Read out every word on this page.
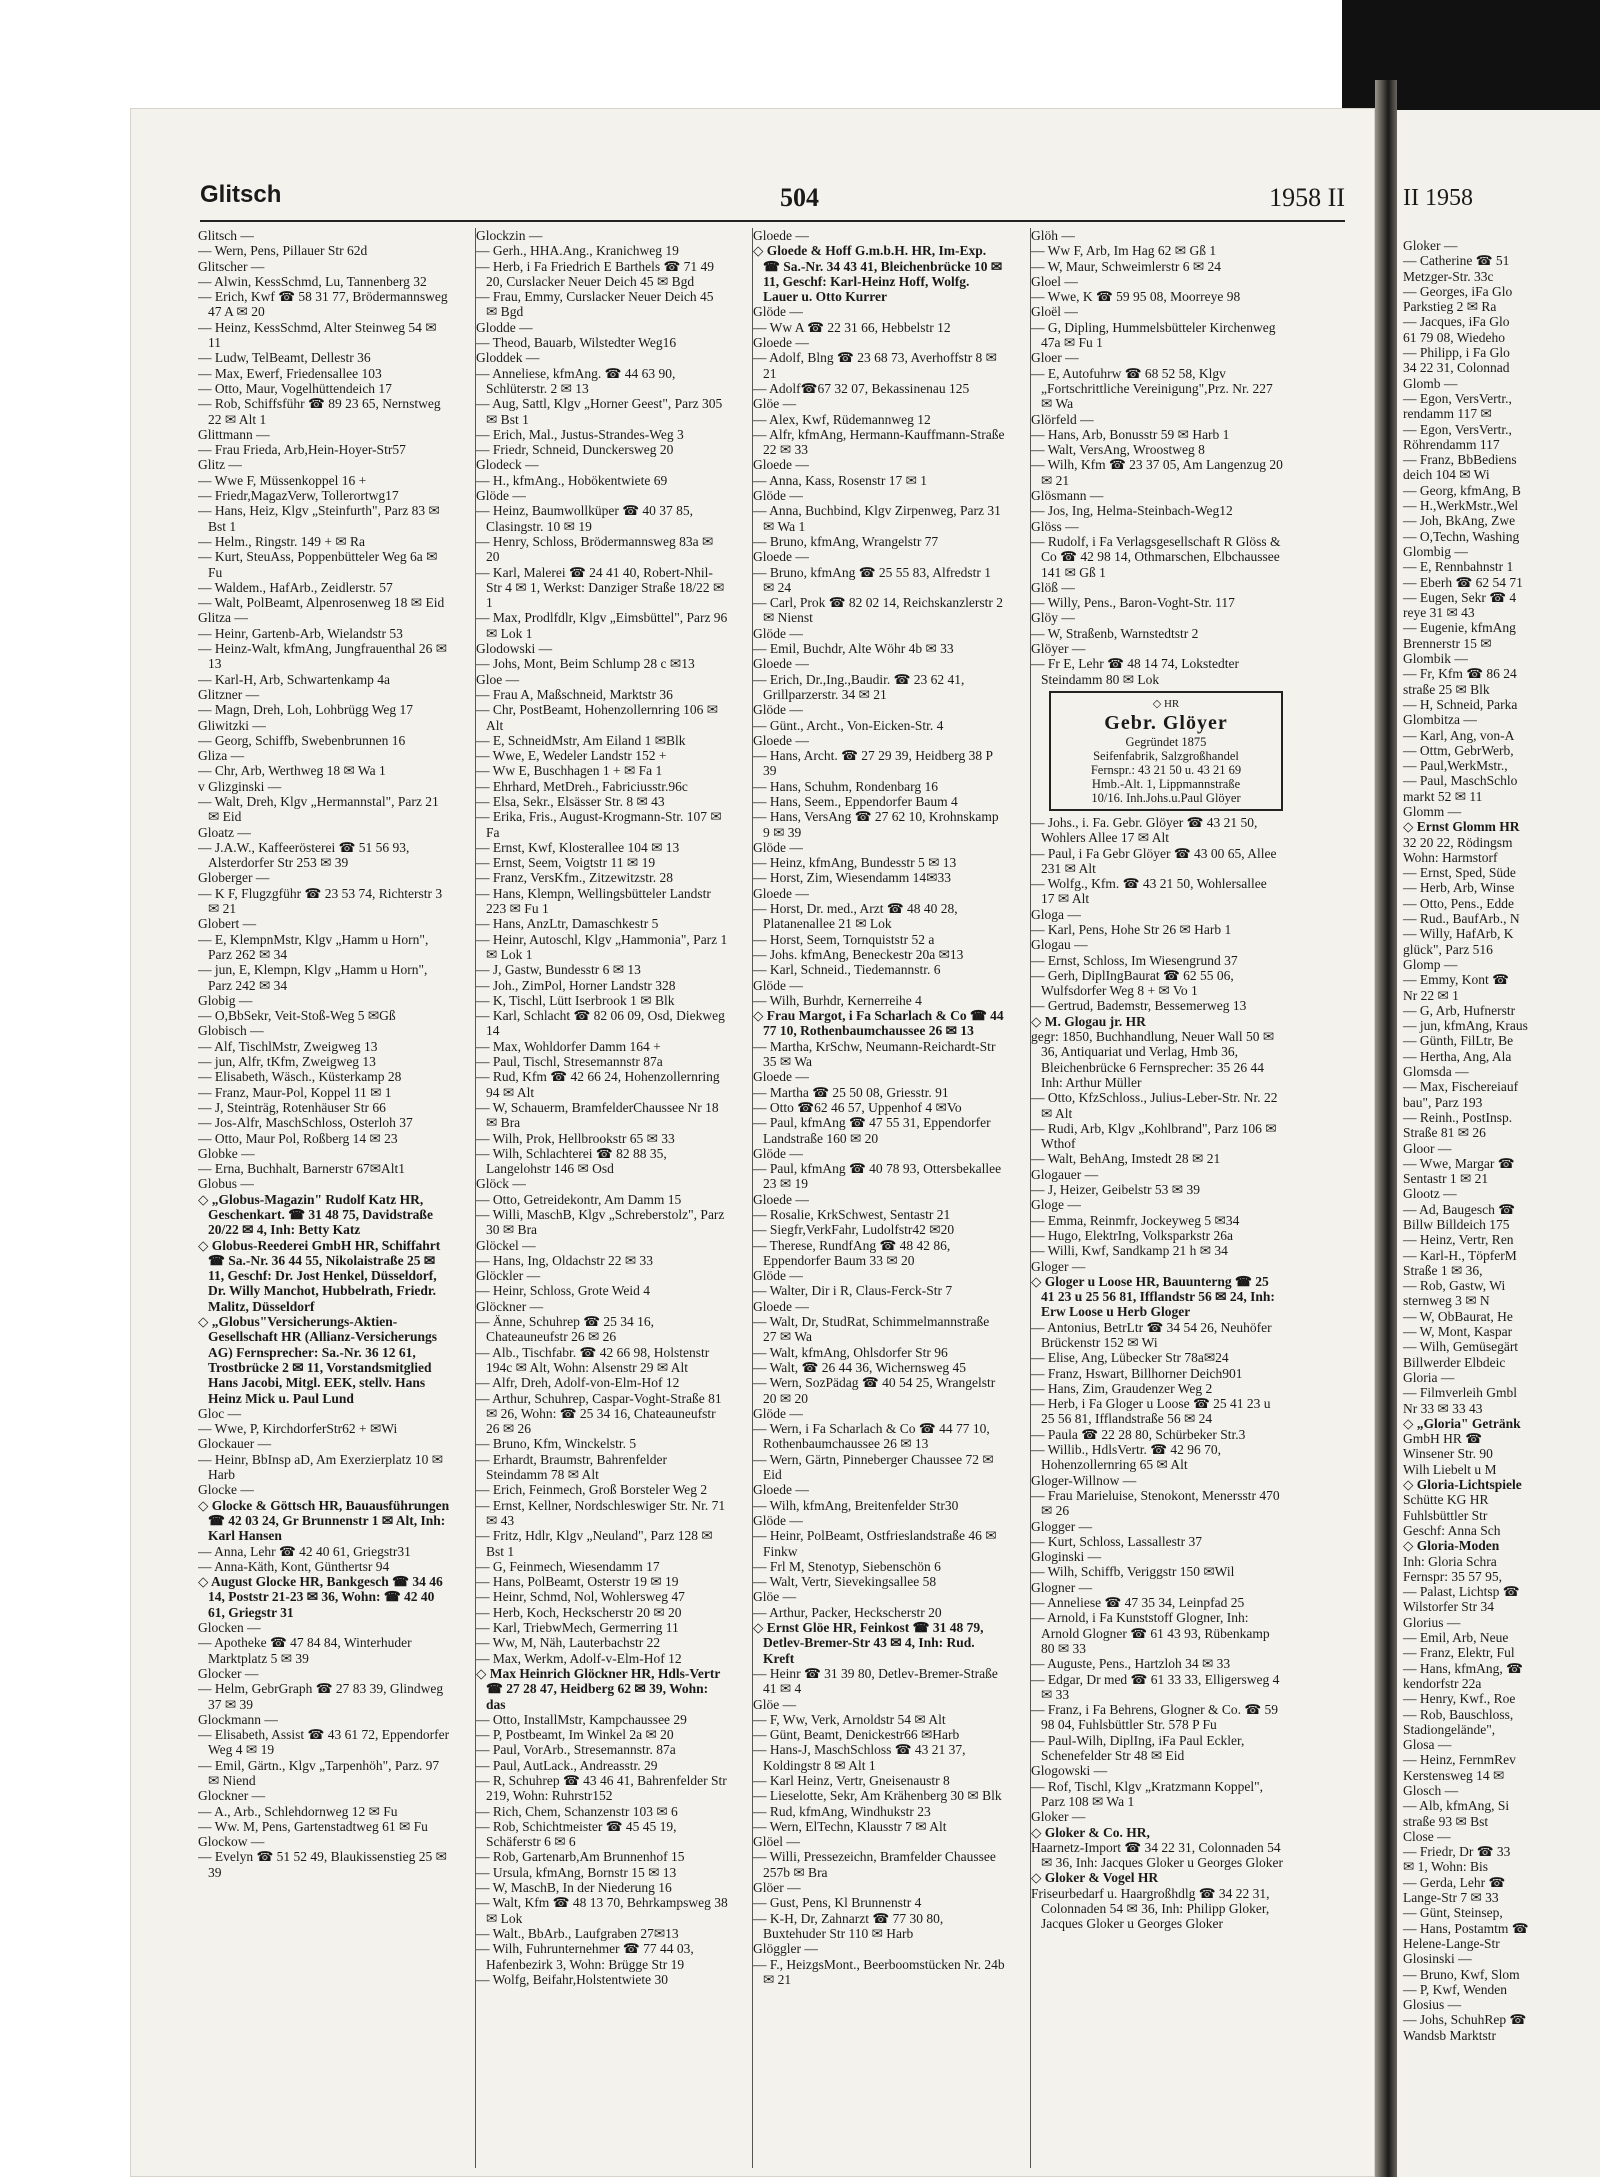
Glitsch	504	1958 II

Glitsch —

— Wern, Pens, Pillauer Str 62d

Glitscher —

— Alwin, KessSchmd, Lu, Tannenberg 32

— Erich, Kwf ☎ 58 31 77, Brödermannsweg 47 A ✉ 20

— Heinz, KessSchmd, Alter Steinweg 54 ✉ 11

— Ludw, TelBeamt, Dellestr 36

— Max, Ewerf, Friedensallee 103

— Otto, Maur, Vogelhüttendeich 17

— Rob, Schiffsführ ☎ 89 23 65, Nernstweg 22 ✉ Alt 1

Glittmann —

— Frau Frieda, Arb,Hein-Hoyer-Str57

Glitz —

— Wwe F, Müssenkoppel 16 +

— Friedr,MagazVerw, Tollerortwg17

— Hans, Heiz, Klgv „Steinfurth", Parz 83 ✉ Bst 1

— Helm., Ringstr. 149 + ✉ Ra

— Kurt, SteuAss, Poppenbütteler Weg 6a ✉ Fu

— Waldem., HafArb., Zeidlerstr. 57

— Walt, PolBeamt, Alpenrosenweg 18 ✉ Eid

Glitza —

— Heinr, Gartenb-Arb, Wielandstr 53

— Heinz-Walt, kfmAng, Jungfrauenthal 26 ✉ 13

— Karl-H, Arb, Schwartenkamp 4a

Glitzner —

— Magn, Dreh, Loh, Lohbrügg Weg 17

Gliwitzki —

— Georg, Schiffb, Swebenbrunnen 16

Gliza —

— Chr, Arb, Werthweg 18 ✉ Wa 1

v Glizginski —

— Walt, Dreh, Klgv „Hermannstal", Parz 21 ✉ Eid

Gloatz —

— J.A.W., Kaffeerösterei ☎ 51 56 93, Alsterdorfer Str 253 ✉ 39

Globerger —

— K F, Flugzgführ ☎ 23 53 74, Richterstr 3 ✉ 21

Globert —

— E, KlempnMstr, Klgv „Hamm u Horn", Parz 262 ✉ 34

— jun, E, Klempn, Klgv „Hamm u Horn", Parz 242 ✉ 34

Globig —

— O,BbSekr, Veit-Stoß-Weg 5 ✉Gß

Globisch —

— Alf, TischlMstr, Zweigweg 13

— jun, Alfr, tKfm, Zweigweg 13

— Elisabeth, Wäsch., Küsterkamp 28

— Franz, Maur-Pol, Koppel 11 ✉ 1

— J, Steinträg, Rotenhäuser Str 66

— Jos-Alfr, MaschSchloss, Osterloh 37

— Otto, Maur Pol, Roßberg 14 ✉ 23

Globke —

— Erna, Buchhalt, Barnerstr 67✉Alt1

Globus —

◇ „Globus-Magazin" Rudolf Katz HR, Geschenkart. ☎ 31 48 75, Davidstraße 20/22 ✉ 4, Inh: Betty Katz

◇ Globus-Reederei GmbH HR, Schiffahrt ☎ Sa.-Nr. 36 44 55, Nikolaistraße 25 ✉ 11, Geschf: Dr. Jost Henkel, Düsseldorf, Dr. Willy Manchot, Hubbelrath, Friedr. Malitz, Düsseldorf

◇ „Globus"Versicherungs-Aktien-Gesellschaft HR (Allianz-Versicherungs AG) Fernsprecher: Sa.-Nr. 36 12 61, Trostbrücke 2 ✉ 11, Vorstandsmitglied Hans Jacobi, Mitgl. EEK, stellv. Hans Heinz Mick u. Paul Lund

Gloc —

— Wwe, P, KirchdorferStr62 + ✉Wi

Glockauer —

— Heinr, BbInsp aD, Am Exerzierplatz 10 ✉ Harb

Glocke —

◇ Glocke & Göttsch HR, Bauausführungen ☎ 42 03 24, Gr Brunnenstr 1 ✉ Alt, Inh: Karl Hansen

— Anna, Lehr ☎ 42 40 61, Griegstr31

— Anna-Käth, Kont, Günthertsr 94

◇ August Glocke HR, Bankgesch ☎ 34 46 14, Poststr 21-23 ✉ 36, Wohn: ☎ 42 40 61, Griegstr 31

Glocken —

— Apotheke ☎ 47 84 84, Winterhuder Marktplatz 5 ✉ 39

Glocker —

— Helm, GebrGraph ☎ 27 83 39, Glindweg 37 ✉ 39

Glockmann —

— Elisabeth, Assist ☎ 43 61 72, Eppendorfer Weg 4 ✉ 19

— Emil, Gärtn., Klgv „Tarpenhöh", Parz. 97 ✉ Niend

Glockner —

— A., Arb., Schlehdornweg 12 ✉ Fu

— Ww. M, Pens, Gartenstadtweg 61 ✉ Fu

Glockow —

— Evelyn ☎ 51 52 49, Blaukissenstieg 25 ✉ 39

Glockzin —

— Gerh., HHA.Ang., Kranichweg 19

— Herb, i Fa Friedrich E Barthels ☎ 71 49 20, Curslacker Neuer Deich 45 ✉ Bgd

— Frau, Emmy, Curslacker Neuer Deich 45 ✉ Bgd

Glodde —

— Theod, Bauarb, Wilstedter Weg16

Gloddek —

— Anneliese, kfmAng. ☎ 44 63 90, Schlüterstr. 2 ✉ 13

— Aug, Sattl, Klgv „Horner Geest", Parz 305 ✉ Bst 1

— Erich, Mal., Justus-Strandes-Weg 3

— Friedr, Schneid, Dunckersweg 20

Glodeck —

— H., kfmAng., Hobökentwiete 69

Glöde —

— Heinz, Baumwollküper ☎ 40 37 85, Clasingstr. 10 ✉ 19

— Henry, Schloss, Brödermannsweg 83a ✉ 20

— Karl, Malerei ☎ 24 41 40, Robert-Nhil-Str 4 ✉ 1, Werkst: Danziger Straße 18/22 ✉ 1

— Max, Prodlfdlr, Klgv „Eimsbüttel", Parz 96 ✉ Lok 1

Glodowski —

— Johs, Mont, Beim Schlump 28 c ✉13

Gloe —

— Frau A, Maßschneid, Marktstr 36

— Chr, PostBeamt, Hohenzollernring 106 ✉ Alt

— E, SchneidMstr, Am Eiland 1 ✉Blk

— Wwe, E, Wedeler Landstr 152 +

— Ww E, Buschhagen 1 + ✉ Fa 1

— Ehrhard, MetDreh., Fabriciusstr.96c

— Elsa, Sekr., Elsässer Str. 8 ✉ 43

— Erika, Fris., August-Krogmann-Str. 107 ✉ Fa

— Ernst, Kwf, Klosterallee 104 ✉ 13

— Ernst, Seem, Voigtstr 11 ✉ 19

— Franz, VersKfm., Zitzewitzstr. 28

— Hans, Klempn, Wellingsbütteler Landstr 223 ✉ Fu 1

— Hans, AnzLtr, Damaschkestr 5

— Heinr, Autoschl, Klgv „Hammonia", Parz 1 ✉ Lok 1

— J, Gastw, Bundesstr 6 ✉ 13

— Joh., ZimPol, Horner Landstr 328

— K, Tischl, Lütt Iserbrook 1 ✉ Blk

— Karl, Schlacht ☎ 82 06 09, Osd, Diekweg 14

— Max, Wohldorfer Damm 164 +

— Paul, Tischl, Stresemannstr 87a

— Rud, Kfm ☎ 42 66 24, Hohenzollernring 94 ✉ Alt

— W, Schauerm, BramfelderChaussee Nr 18 ✉ Bra

— Wilh, Prok, Hellbrookstr 65 ✉ 33

— Wilh, Schlachterei ☎ 82 88 35, Langelohstr 146 ✉ Osd

Glöck —

— Otto, Getreidekontr, Am Damm 15

— Willi, MaschB, Klgv „Schreberstolz", Parz 30 ✉ Bra

Glöckel —

— Hans, Ing, Oldachstr 22 ✉ 33

Glöckler —

— Heinr, Schloss, Grote Weid 4

Glöckner —

— Änne, Schuhrep ☎ 25 34 16, Chateauneufstr 26 ✉ 26

— Alb., Tischfabr. ☎ 42 66 98, Holstenstr 194c ✉ Alt, Wohn: Alsenstr 29 ✉ Alt

— Alfr, Dreh, Adolf-von-Elm-Hof 12

— Arthur, Schuhrep, Caspar-Voght-Straße 81 ✉ 26, Wohn: ☎ 25 34 16, Chateauneufstr 26 ✉ 26

— Bruno, Kfm, Winckelstr. 5

— Erhardt, Braumstr, Bahrenfelder Steindamm 78 ✉ Alt

— Erich, Feinmech, Groß Borsteler Weg 2

— Ernst, Kellner, Nordschleswiger Str. Nr. 71 ✉ 43

— Fritz, Hdlr, Klgv „Neuland", Parz 128 ✉ Bst 1

— G, Feinmech, Wiesendamm 17

— Hans, PolBeamt, Osterstr 19 ✉ 19

— Heinr, Schmd, Nol, Wohlersweg 47

— Herb, Koch, Heckscherstr 20 ✉ 20

— Karl, TriebwMech, Germerring 11

— Ww, M, Näh, Lauterbachstr 22

— Max, Werkm, Adolf-v-Elm-Hof 12

◇ Max Heinrich Glöckner HR, Hdls-Vertr ☎ 27 28 47, Heidberg 62 ✉ 39, Wohn: das

— Otto, InstallMstr, Kampchaussee 29

— P, Postbeamt, Im Winkel 2a ✉ 20

— Paul, VorArb., Stresemannstr. 87a

— Paul, AutLack., Andreasstr. 29

— R, Schuhrep ☎ 43 46 41, Bahrenfelder Str 219, Wohn: Ruhrstr152

— Rich, Chem, Schanzenstr 103 ✉ 6

— Rob, Schichtmeister ☎ 45 45 19, Schäferstr 6 ✉ 6

— Rob, Gartenarb,Am Brunnenhof 15

— Ursula, kfmAng, Bornstr 15 ✉ 13

— W, MaschB, In der Niederung 16

— Walt, Kfm ☎ 48 13 70, Behrkampsweg 38 ✉ Lok

— Walt., BbArb., Laufgraben 27✉13

— Wilh, Fuhrunternehmer ☎ 77 44 03, Hafenbezirk 3, Wohn: Brügge Str 19

— Wolfg, Beifahr,Holstentwiete 30

Gloede —

◇ Gloede & Hoff G.m.b.H. HR, Im-Exp. ☎ Sa.-Nr. 34 43 41, Bleichenbrücke 10 ✉ 11, Geschf: Karl-Heinz Hoff, Wolfg. Lauer u. Otto Kurrer

Glöde —

— Ww A ☎ 22 31 66, Hebbelstr 12

Gloede —

— Adolf, Blng ☎ 23 68 73, Averhoffstr 8 ✉ 21

— Adolf☎67 32 07, Bekassinenau 125

Glöe —

— Alex, Kwf, Rüdemannweg 12

— Alfr, kfmAng, Hermann-Kauffmann-Straße 22 ✉ 33

Gloede —

— Anna, Kass, Rosenstr 17 ✉ 1

Glöde —

— Anna, Buchbind, Klgv Zirpenweg, Parz 31 ✉ Wa 1

— Bruno, kfmAng, Wrangelstr 77

Gloede —

— Bruno, kfmAng ☎ 25 55 83, Alfredstr 1 ✉ 24

— Carl, Prok ☎ 82 02 14, Reichskanzlerstr 2 ✉ Nienst

Glöde —

— Emil, Buchdr, Alte Wöhr 4b ✉ 33

Gloede —

— Erich, Dr.,Ing.,Baudir. ☎ 23 62 41, Grillparzerstr. 34 ✉ 21

Glöde —

— Günt., Archt., Von-Eicken-Str. 4

Gloede —

— Hans, Archt. ☎ 27 29 39, Heidberg 38 P 39

— Hans, Schuhm, Rondenbarg 16

— Hans, Seem., Eppendorfer Baum 4

— Hans, VersAng ☎ 27 62 10, Krohnskamp 9 ✉ 39

Glöde —

— Heinz, kfmAng, Bundesstr 5 ✉ 13

— Horst, Zim, Wiesendamm 14✉33

Gloede —

— Horst, Dr. med., Arzt ☎ 48 40 28, Platanenallee 21 ✉ Lok

— Horst, Seem, Tornquiststr 52 a

— Johs. kfmAng, Beneckestr 20a ✉13

— Karl, Schneid., Tiedemannstr. 6

Glöde —

— Wilh, Burhdr, Kernerreihe 4

◇ Frau Margot, i Fa Scharlach & Co ☎ 44 77 10, Rothenbaumchaussee 26 ✉ 13

— Martha, KrSchw, Neumann-Reichardt-Str 35 ✉ Wa

Gloede —

— Martha ☎ 25 50 08, Griesstr. 91

— Otto ☎62 46 57, Uppenhof 4 ✉Vo

— Paul, kfmAng ☎ 47 55 31, Eppendorfer Landstraße 160 ✉ 20

Glöde —

— Paul, kfmAng ☎ 40 78 93, Ottersbekallee 23 ✉ 19

Gloede —

— Rosalie, KrkSchwest, Sentastr 21

— Siegfr,VerkFahr, Ludolfstr42 ✉20

— Therese, RundfAng ☎ 48 42 86, Eppendorfer Baum 33 ✉ 20

Glöde —

— Walter, Dir i R, Claus-Ferck-Str 7

Gloede —

— Walt, Dr, StudRat, Schimmelmannstraße 27 ✉ Wa

— Walt, kfmAng, Ohlsdorfer Str 96

— Walt, ☎ 26 44 36, Wichernsweg 45

— Wern, SozPädag ☎ 40 54 25, Wrangelstr 20 ✉ 20

Glöde —

— Wern, i Fa Scharlach & Co ☎ 44 77 10, Rothenbaumchaussee 26 ✉ 13

— Wern, Gärtn, Pinneberger Chaussee 72 ✉ Eid

Gloede —

— Wilh, kfmAng, Breitenfelder Str30

Glöde —

— Heinr, PolBeamt, Ostfrieslandstraße 46 ✉ Finkw

— Frl M, Stenotyp, Siebenschön 6

— Walt, Vertr, Sievekingsallee 58

Glöe —

— Arthur, Packer, Heckscherstr 20

◇ Ernst Glöe HR, Feinkost ☎ 31 48 79, Detlev-Bremer-Str 43 ✉ 4, Inh: Rud. Kreft

— Heinr ☎ 31 39 80, Detlev-Bremer-Straße 41 ✉ 4

Glöe —

— F, Ww, Verk, Arnoldstr 54 ✉ Alt

— Günt, Beamt, Denickestr66 ✉Harb

— Hans-J, MaschSchloss ☎ 43 21 37, Koldingstr 8 ✉ Alt 1

— Karl Heinz, Vertr, Gneisenaustr 8

— Lieselotte, Sekr, Am Krähenberg 30 ✉ Blk

— Rud, kfmAng, Windhukstr 23

— Wern, ElTechn, Klausstr 7 ✉ Alt

Glöel —

— Willi, Pressezeichn, Bramfelder Chaussee 257b ✉ Bra

Glöer —

— Gust, Pens, Kl Brunnenstr 4

— K-H, Dr, Zahnarzt ☎ 77 30 80, Buxtehuder Str 110 ✉ Harb

Glöggler —

— F., HeizgsMont., Beerboomstücken Nr. 24b ✉ 21

Glöh —

— Ww F, Arb, Im Hag 62 ✉ Gß 1

— W, Maur, Schweimlerstr 6 ✉ 24

Gloel —

— Wwe, K ☎ 59 95 08, Moorreye 98

Gloël —

— G, Dipling, Hummelsbütteler Kirchenweg 47a ✉ Fu 1

Gloer —

— E, Autofuhrw ☎ 68 52 58, Klgv „Fortschrittliche Vereinigung",Prz. Nr. 227 ✉ Wa

Glörfeld —

— Hans, Arb, Bonusstr 59 ✉ Harb 1

— Walt, VersAng, Wroostweg 8

— Wilh, Kfm ☎ 23 37 05, Am Langenzug 20 ✉ 21

Glösmann —

— Jos, Ing, Helma-Steinbach-Weg12

Glöss —

— Rudolf, i Fa Verlagsgesellschaft R Glöss & Co ☎ 42 98 14, Othmarschen, Elbchaussee 141 ✉ Gß 1

Glöß —

— Willy, Pens., Baron-Voght-Str. 117

Glöy —

— W, Straßenb, Warnstedtstr 2

Glöyer —

— Fr E, Lehr ☎ 48 14 74, Lokstedter Steindamm 80 ✉ Lok

◇ HR
Gebr. Glöyer
Gegründet 1875
Seifenfabrik, Salzgroßhandel
Fernspr.: 43 21 50 u. 43 21 69
Hmb.-Alt. 1, Lippmannstraße
10/16. Inh.Johs.u.Paul Glöyer

— Johs., i. Fa. Gebr. Glöyer ☎ 43 21 50, Wohlers Allee 17 ✉ Alt

— Paul, i Fa Gebr Glöyer ☎ 43 00 65, Allee 231 ✉ Alt

— Wolfg., Kfm. ☎ 43 21 50, Wohlersallee 17 ✉ Alt

Gloga —

— Karl, Pens, Hohe Str 26 ✉ Harb 1

Glogau —

— Ernst, Schloss, Im Wiesengrund 37

— Gerh, DiplIngBaurat ☎ 62 55 06, Wulfsdorfer Weg 8 + ✉ Vo 1

— Gertrud, Bademstr, Bessemerweg 13

◇ M. Glogau jr. HR

gegr: 1850, Buchhandlung, Neuer Wall 50 ✉ 36, Antiquariat und Verlag, Hmb 36, Bleichenbrücke 6 Fernsprecher: 35 26 44 Inh: Arthur Müller

— Otto, KfzSchloss., Julius-Leber-Str. Nr. 22 ✉ Alt

— Rudi, Arb, Klgv „Kohlbrand", Parz 106 ✉ Wthof

— Walt, BehAng, Imstedt 28 ✉ 21

Glogauer —

— J, Heizer, Geibelstr 53 ✉ 39

Gloge —

— Emma, Reinmfr, Jockeyweg 5 ✉34

— Hugo, ElektrIng, Volksparkstr 26a

— Willi, Kwf, Sandkamp 21 h ✉ 34

Gloger —

◇ Gloger u Loose HR, Bauunterng ☎ 25 41 23 u 25 56 81, Ifflandstr 56 ✉ 24, Inh: Erw Loose u Herb Gloger

— Antonius, BetrLtr ☎ 34 54 26, Neuhöfer Brückenstr 152 ✉ Wi

— Elise, Ang, Lübecker Str 78a✉24

— Franz, Hswart, Billhorner Deich901

— Hans, Zim, Graudenzer Weg 2

— Herb, i Fa Gloger u Loose ☎ 25 41 23 u 25 56 81, Ifflandstraße 56 ✉ 24

— Paula ☎ 22 28 80, Schürbeker Str.3

— Willib., HdlsVertr. ☎ 42 96 70, Hohenzollernring 65 ✉ Alt

Gloger-Willnow —

— Frau Marieluise, Stenokont, Menersstr 470 ✉ 26

Glogger —

— Kurt, Schloss, Lassallestr 37

Gloginski —

— Wilh, Schiffb, Veriggstr 150 ✉Wil

Glogner —

— Anneliese ☎ 47 35 34, Leinpfad 25

— Arnold, i Fa Kunststoff Glogner, Inh: Arnold Glogner ☎ 61 43 93, Rübenkamp 80 ✉ 33

— Auguste, Pens., Hartzloh 34 ✉ 33

— Edgar, Dr med ☎ 61 33 33, Elligersweg 4 ✉ 33

— Franz, i Fa Behrens, Glogner & Co. ☎ 59 98 04, Fuhlsbüttler Str. 578 P Fu

— Paul-Wilh, DiplIng, iFa Paul Eckler, Schenefelder Str 48 ✉ Eid

Glogowski —

— Rof, Tischl, Klgv „Kratzmann Koppel", Parz 108 ✉ Wa 1

Gloker —

◇ Gloker & Co. HR,

Haarnetz-Import ☎ 34 22 31, Colonnaden 54 ✉ 36, Inh: Jacques Gloker u Georges Gloker

◇ Gloker & Vogel HR

Friseurbedarf u. Haargroßhdlg ☎ 34 22 31, Colonnaden 54 ✉ 36, Inh: Philipp Gloker, Jacques Gloker u Georges Gloker

II 1958
Gloker —
— Catherine ☎ 51
Metzger-Str. 33c
— Georges, iFa Glo
Parkstieg 2 ✉ Ra
— Jacques, iFa Glo
61 79 08, Wiedeho
— Philipp, i Fa Glo
34 22 31, Colonnad
Glomb —
— Egon, VersVertr.,
rendamm 117 ✉
— Egon, VersVertr.,
Röhrendamm 117
— Franz, BbBediens
deich 104 ✉ Wi
— Georg, kfmAng, B
— H.,WerkMstr.,Wel
— Joh, BkAng, Zwe
— O,Techn, Washing
Glombig —
— E, Rennbahnstr 1
— Eberh ☎ 62 54 71
— Eugen, Sekr ☎ 4
reye 31 ✉ 43
— Eugenie, kfmAng
Brennerstr 15 ✉
Glombik —
— Fr, Kfm ☎ 86 24
straße 25 ✉ Blk
— H, Schneid, Parka
Glombitza —
— Karl, Ang, von-A
— Ottm, GebrWerb,
— Paul,WerkMstr.,
— Paul, MaschSchlo
markt 52 ✉ 11
Glomm —
◇ Ernst Glomm HR
32 20 22, Rödingsm
Wohn: Harmstorf
— Ernst, Sped, Süde
— Herb, Arb, Winse
— Otto, Pens., Edde
— Rud., BaufArb., N
— Willy, HafArb, K
glück", Parz 516
Glomp —
— Emmy, Kont ☎
Nr 22 ✉ 1
— G, Arb, Hufnerstr
— jun, kfmAng, Kraus
— Günth, FilLtr, Be
— Hertha, Ang, Ala
Glomsda —
— Max, Fischereiauf
bau", Parz 193
— Reinh., PostInsp.
Straße 81 ✉ 26
Gloor —
— Wwe, Margar ☎
Sentastr 1 ✉ 21
Glootz —
— Ad, Baugesch ☎
Billw Billdeich 175
— Heinz, Vertr, Ren
— Karl-H., TöpferM
Straße 1 ✉ 36,
— Rob, Gastw, Wi
sternweg 3 ✉ N
— W, ObBaurat, He
— W, Mont, Kaspar
— Wilh, Gemüsegärt
Billwerder Elbdeic
Gloria —
— Filmverleih Gmbl
Nr 33 ✉ 33 43
◇ „Gloria" Getränk
GmbH HR ☎
Winsener Str. 90
Wilh Liebelt u M
◇ Gloria-Lichtspiele
Schütte KG HR
Fuhlsbüttler Str
Geschf: Anna Sch
◇ Gloria-Moden
Inh: Gloria Schra
Fernspr: 35 57 95,
— Palast, Lichtsp ☎
Wilstorfer Str 34
Glorius —
— Emil, Arb, Neue
— Franz, Elektr, Ful
— Hans, kfmAng, ☎
kendorfstr 22a
— Henry, Kwf., Roe
— Rob, Bauschloss,
Stadiongelände",
Glosa —
— Heinz, FernmRev
Kerstensweg 14 ✉
Glosch —
— Alb, kfmAng, Si
straße 93 ✉ Bst
Close —
— Friedr, Dr ☎ 33
✉ 1, Wohn: Bis
— Gerda, Lehr ☎
Lange-Str 7 ✉ 33
— Günt, Steinsep,
— Hans, Postamtm ☎
Helene-Lange-Str
Glosinski —
— Bruno, Kwf, Slom
— P, Kwf, Wenden
Glosius —
— Johs, SchuhRep ☎
Wandsb Marktstr
